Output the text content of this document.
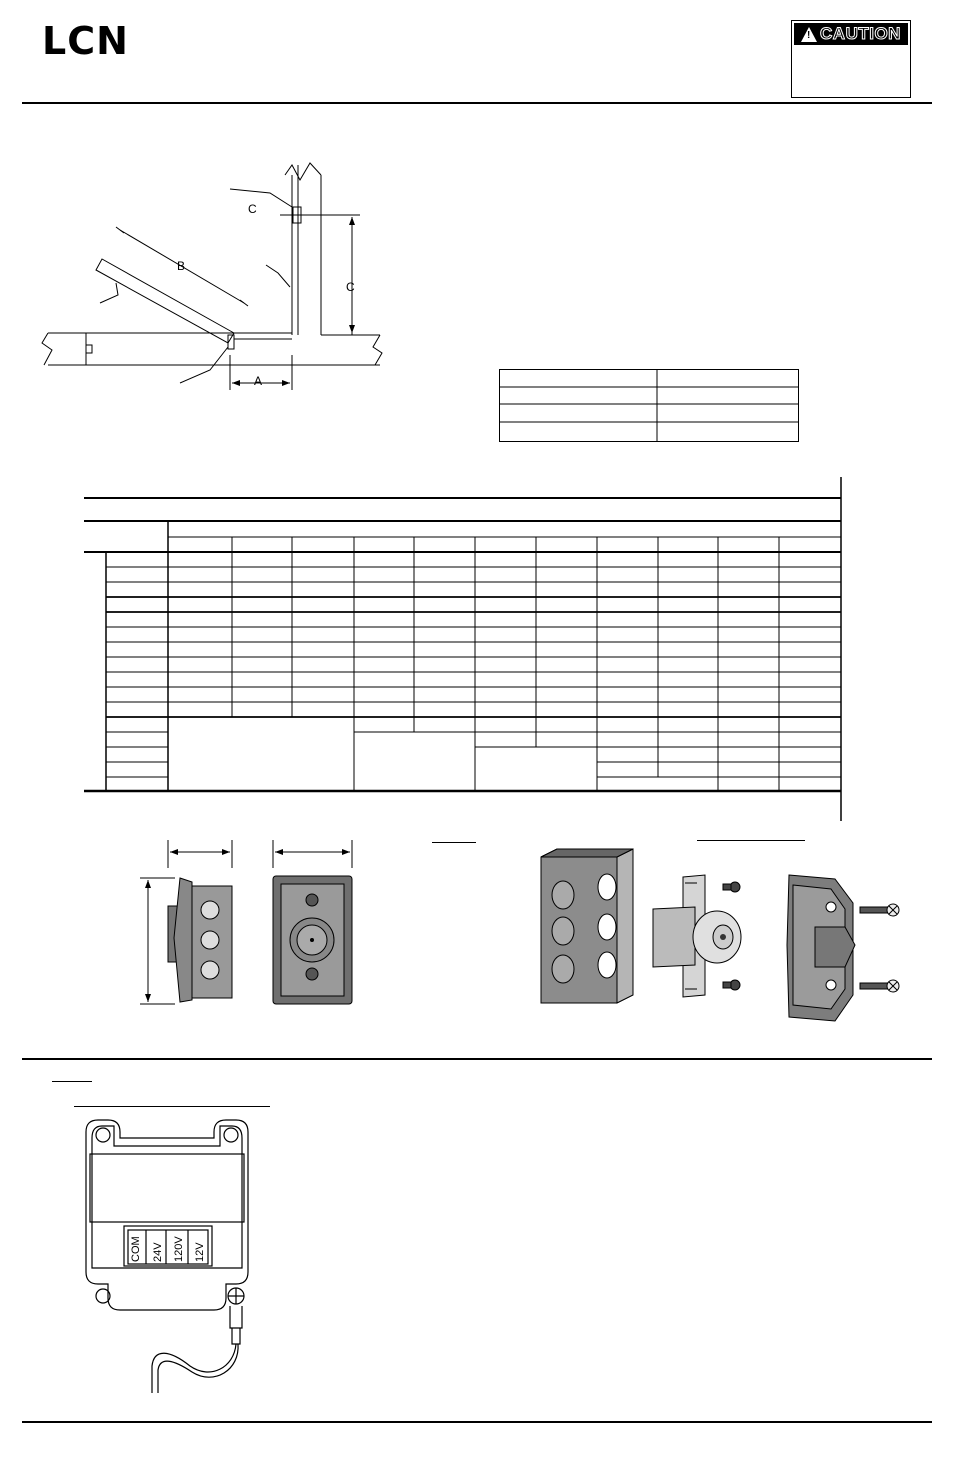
LCN	! CAUTION
B
C
A
C
COM 24V 120V 12V
